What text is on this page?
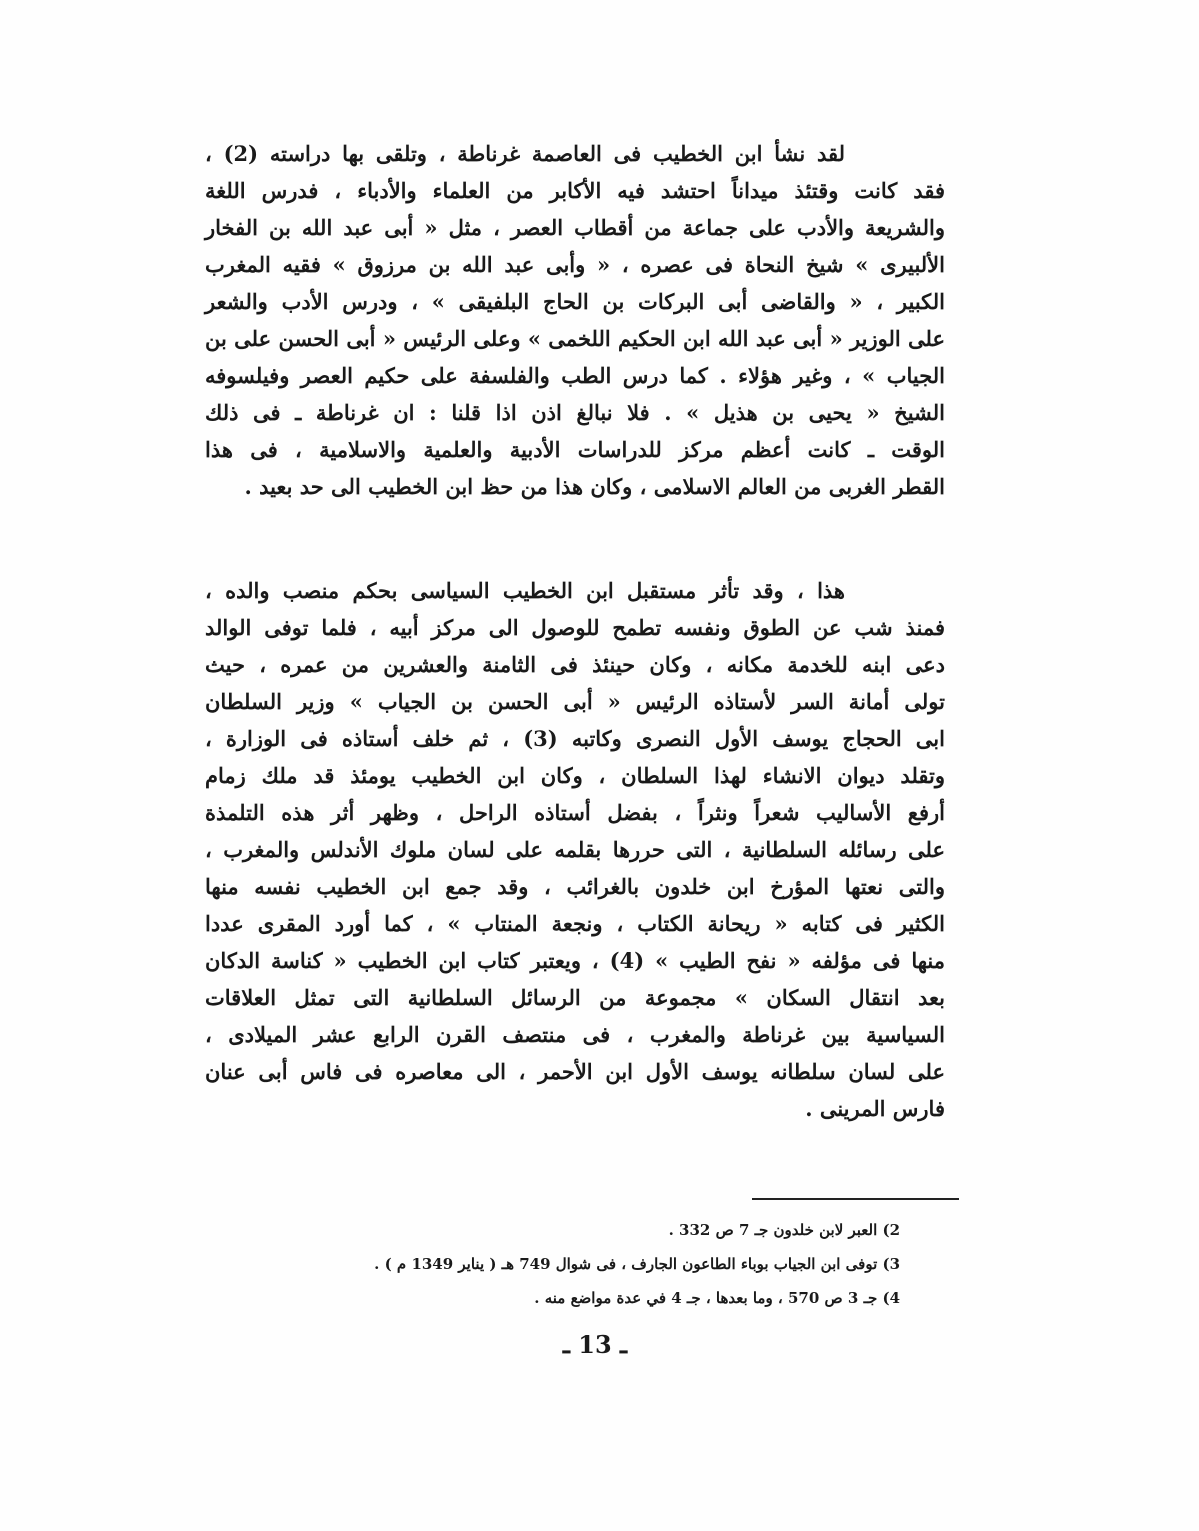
لقد نشأ ابن الخطيب فى العاصمة غرناطة ، وتلقى بها دراسته (2) ،
فقد كانت وقتئذ ميداناً احتشد فيه الأكابر من العلماء والأدباء ، فدرس اللغة
والشريعة والأدب على جماعة من أقطاب العصر ، مثل « أبى عبد الله بن الفخار
الألبيرى » شيخ النحاة فى عصره ، « وأبى عبد الله بن مرزوق » فقيه المغرب
الكبير ، « والقاضى أبى البركات بن الحاج البلفيقى » ، ودرس الأدب والشعر
على الوزير « أبى عبد الله ابن الحكيم اللخمى » وعلى الرئيس « أبى الحسن على بن
الجياب » ، وغير هؤلاء . كما درس الطب والفلسفة على حكيم العصر وفيلسوفه
الشيخ « يحيى بن هذيل » . فلا نبالغ اذن اذا قلنا : ان غرناطة ـ فى ذلك
الوقت ـ كانت أعظم مركز للدراسات الأدبية والعلمية والاسلامية ، فى هذا
القطر الغربى من العالم الاسلامى ، وكان هذا من حظ ابن الخطيب الى حد بعيد .
هذا ، وقد تأثر مستقبل ابن الخطيب السياسى بحكم منصب والده ،
فمنذ شب عن الطوق ونفسه تطمح للوصول الى مركز أبيه ، فلما توفى الوالد
دعى ابنه للخدمة مكانه ، وكان حينئذ فى الثامنة والعشرين من عمره ، حيث
تولى أمانة السر لأستاذه الرئيس « أبى الحسن بن الجياب » وزير السلطان
ابى الحجاج يوسف الأول النصرى وكاتبه (3) ، ثم خلف أستاذه فى الوزارة ،
وتقلد ديوان الانشاء لهذا السلطان ، وكان ابن الخطيب يومئذ قد ملك زمام
أرفع الأساليب شعراً ونثراً ، بفضل أستاذه الراحل ، وظهر أثر هذه التلمذة
على رسائله السلطانية ، التى حررها بقلمه على لسان ملوك الأندلس والمغرب ،
والتى نعتها المؤرخ ابن خلدون بالغرائب ، وقد جمع ابن الخطيب نفسه منها
الكثير فى كتابه « ريحانة الكتاب ، ونجعة المنتاب » ، كما أورد المقرى عددا
منها فى مؤلفه « نفح الطيب » (4) ، ويعتبر كتاب ابن الخطيب « كناسة الدكان
بعد انتقال السكان » مجموعة من الرسائل السلطانية التى تمثل العلاقات
السياسية بين غرناطة والمغرب ، فى منتصف القرن الرابع عشر الميلادى ،
على لسان سلطانه يوسف الأول ابن الأحمر ، الى معاصره فى فاس أبى عنان
فارس المرينى .
2) العبر لابن خلدون جـ 7 ص 332 .
3) توفى ابن الجياب بوباء الطاعون الجارف ، فى شوال 749 هـ ( يناير 1349 م ) .
4) جـ 3 ص 570 ، وما بعدها ، جـ 4 في عدة مواضع منه .
ـ 13 ـ
